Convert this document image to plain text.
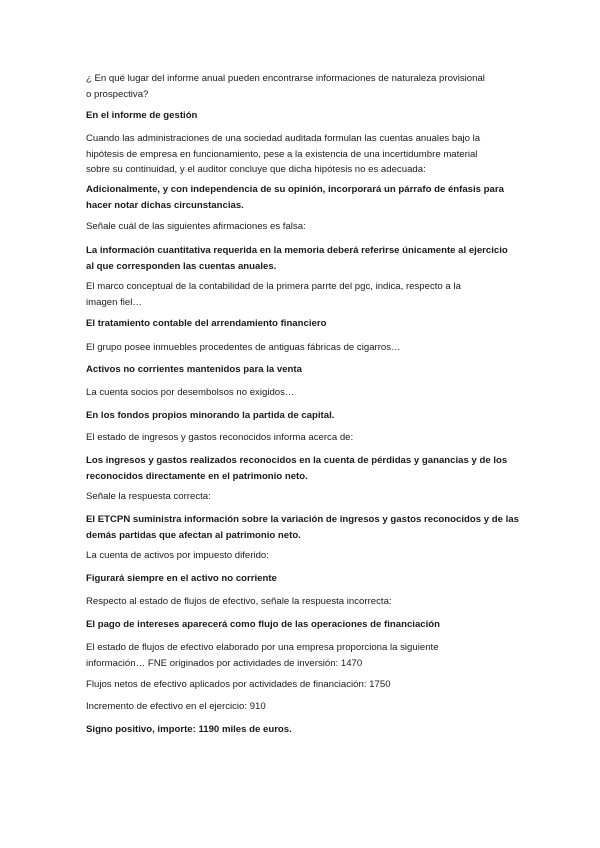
¿ En qué lugar del informe anual pueden encontrarse informaciones de naturaleza provisional
o prospectiva?
En el informe de gestión
Cuando las administraciones de una sociedad auditada formulan las cuentas anuales bajo la
hipótesis de empresa en funcionamiento, pese a la existencia de una incertidumbre material
sobre su continuidad, y el auditor concluye que dicha hipótesis no es adecuada:
Adicionalmente, y con independencia de su opinión, incorporará un párrafo de énfasis para
hacer notar dichas circunstancias.
Señale cuál de las siguientes afirmaciones es falsa:
La información cuantitativa requerida en la memoria deberá referirse únicamente al ejercicio
al que corresponden las cuentas anuales.
El marco conceptual de la contabilidad de la primera parrte del pgc, indica, respecto a la
imagen fiel…
El tratamiento contable del arrendamiento financiero
El grupo posee inmuebles procedentes de antiguas fábricas de cigarros…
Activos no corrientes mantenidos para la venta
La cuenta socios por desembolsos no exigidos…
En los fondos propios minorando la partida de capital.
El estado de ingresos y gastos reconocidos informa acerca de:
Los ingresos y gastos realizados reconocidos en la cuenta de pérdidas y ganancias y de los
reconocidos directamente en el patrimonio neto.
Señale la respuesta correcta:
El ETCPN suministra información sobre la variación de ingresos y gastos reconocidos y de las
demás partidas que afectan al patrimonio neto.
La cuenta de activos por impuesto diferido:
Figurará siempre en el activo no corriente
Respecto al estado de flujos de efectivo, señale la respuesta incorrecta:
El pago de intereses aparecerá como flujo de las operaciones de financiación
El estado de flujos de efectivo elaborado por una empresa proporciona la siguiente
información… FNE originados por actividades de inversión: 1470
Flujos netos de efectivo aplicados por actividades de financiación: 1750
Incremento de efectivo en el ejercicio: 910
Signo positivo, importe: 1190 miles de euros.
